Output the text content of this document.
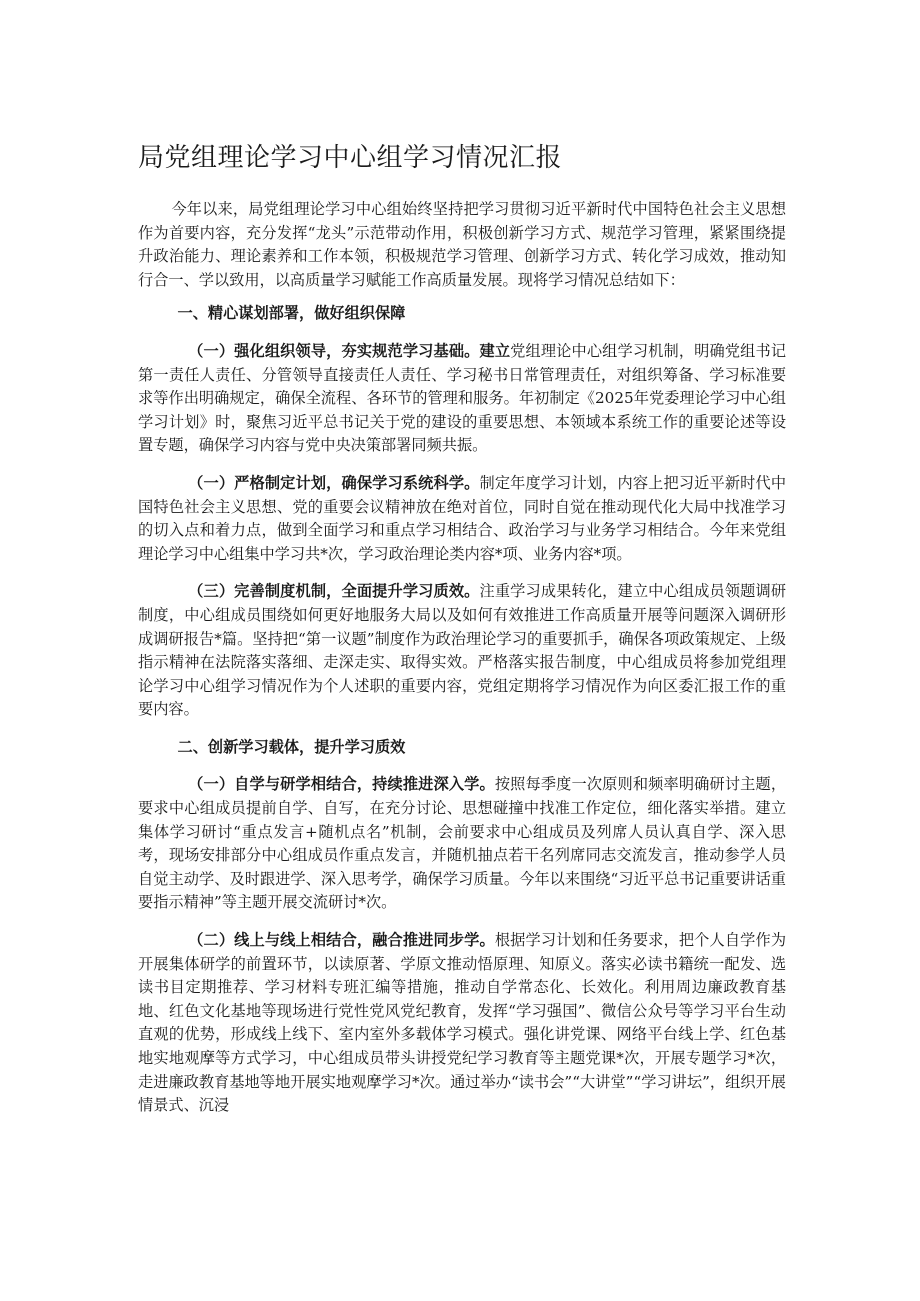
局党组理论学习中心组学习情况汇报

今年以来，局党组理论学习中心组始终坚持把学习贯彻习近平新时代中国特色社会主义思想作为首要内容，充分发挥“龙头”示范带动作用，积极创新学习方式、规范学习管理，紧紧围绕提升政治能力、理论素养和工作本领，积极规范学习管理、创新学习方式、转化学习成效，推动知行合一、学以致用，以高质量学习赋能工作高质量发展。现将学习情况总结如下：

一、精心谋划部署，做好组织保障

（一）强化组织领导，夯实规范学习基础。建立党组理论中心组学习机制，明确党组书记第一责任人责任、分管领导直接责任人责任、学习秘书日常管理责任，对组织筹备、学习标准要求等作出明确规定，确保全流程、各环节的管理和服务。年初制定《2025年党委理论学习中心组学习计划》时，聚焦习近平总书记关于党的建设的重要思想、本领域本系统工作的重要论述等设置专题，确保学习内容与党中央决策部署同频共振。

（一）严格制定计划，确保学习系统科学。制定年度学习计划，内容上把习近平新时代中国特色社会主义思想、党的重要会议精神放在绝对首位，同时自觉在推动现代化大局中找准学习的切入点和着力点，做到全面学习和重点学习相结合、政治学习与业务学习相结合。今年来党组理论学习中心组集中学习共*次，学习政治理论类内容*项、业务内容*项。

（三）完善制度机制，全面提升学习质效。注重学习成果转化，建立中心组成员领题调研制度，中心组成员围绕如何更好地服务大局以及如何有效推进工作高质量开展等问题深入调研形成调研报告*篇。坚持把“第一议题”制度作为政治理论学习的重要抓手，确保各项政策规定、上级指示精神在法院落实落细、走深走实、取得实效。严格落实报告制度，中心组成员将参加党组理论学习中心组学习情况作为个人述职的重要内容，党组定期将学习情况作为向区委汇报工作的重要内容。

二、创新学习载体，提升学习质效

（一）自学与研学相结合，持续推进深入学。按照每季度一次原则和频率明确研讨主题，要求中心组成员提前自学、自写，在充分讨论、思想碰撞中找准工作定位，细化落实举措。建立集体学习研讨“重点发言+随机点名”机制，会前要求中心组成员及列席人员认真自学、深入思考，现场安排部分中心组成员作重点发言，并随机抽点若干名列席同志交流发言，推动参学人员自觉主动学、及时跟进学、深入思考学，确保学习质量。今年以来围绕“习近平总书记重要讲话重要指示精神”等主题开展交流研讨*次。

（二）线上与线上相结合，融合推进同步学。根据学习计划和任务要求，把个人自学作为开展集体研学的前置环节，以读原著、学原文推动悟原理、知原义。落实必读书籍统一配发、选读书目定期推荐、学习材料专班汇编等措施，推动自学常态化、长效化。利用周边廉政教育基地、红色文化基地等现场进行党性党风党纪教育，发挥“学习强国”、微信公众号等学习平台生动直观的优势，形成线上线下、室内室外多载体学习模式。强化讲党课、网络平台线上学、红色基地实地观摩等方式学习，中心组成员带头讲授党纪学习教育等主题党课*次，开展专题学习*次，走进廉政教育基地等地开展实地观摩学习*次。通过举办“读书会”“大讲堂”“学习讲坛”，组织开展情景式、沉浸
